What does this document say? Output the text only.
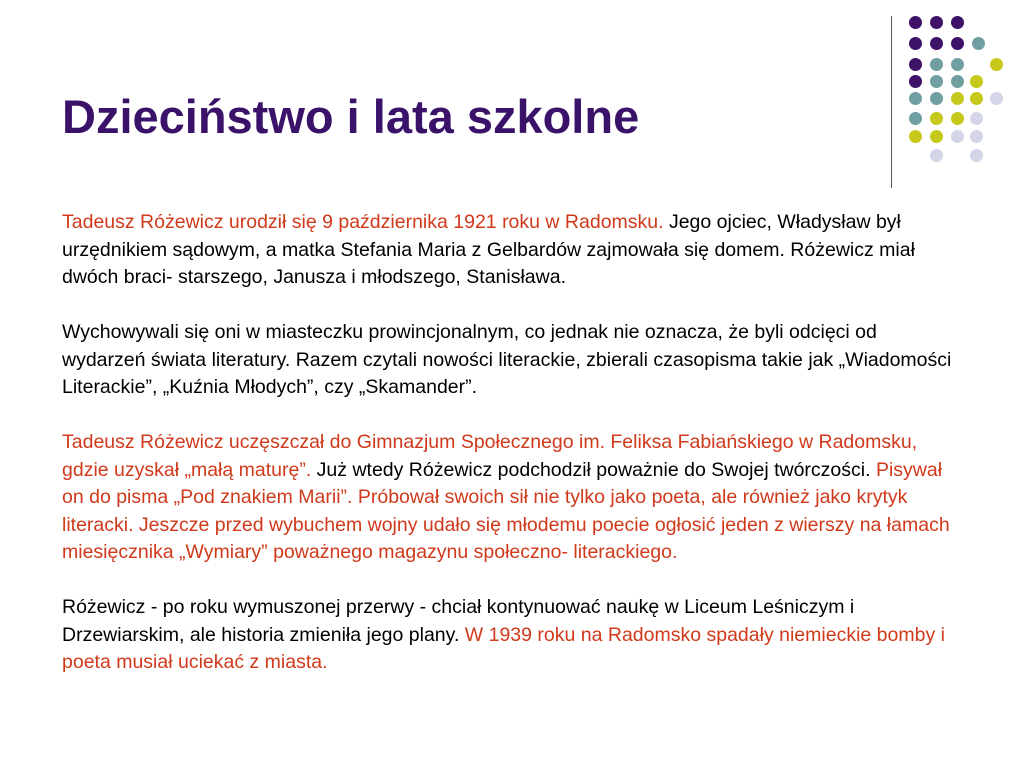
Dzieciństwo i lata szkolne

Tadeusz Różewicz urodził się 9 października 1921 roku w Radomsku. Jego ojciec, Władysław był urzędnikiem sądowym, a matka Stefania Maria z Gelbardów zajmowała się domem. Różewicz miał dwóch braci- starszego, Janusza i młodszego, Stanisława.

Wychowywali się oni w miasteczku prowincjonalnym, co jednak nie oznacza, że byli odcięci od wydarzeń świata literatury. Razem czytali nowości literackie, zbierali czasopisma takie jak „Wiadomości Literackie”, „Kuźnia Młodych”, czy „Skamander”.

Tadeusz Różewicz uczęszczał do Gimnazjum Społecznego im. Feliksa Fabiańskiego w Radomsku, gdzie uzyskał „małą maturę”. Już wtedy Różewicz podchodził poważnie do Swojej twórczości. Pisywał on do pisma „Pod znakiem Marii”. Próbował swoich sił nie tylko jako poeta, ale również jako krytyk literacki. Jeszcze przed wybuchem wojny udało się młodemu poecie ogłosić jeden z wierszy na łamach miesięcznika „Wymiary” poważnego magazynu społeczno- literackiego.

Różewicz - po roku wymuszonej przerwy - chciał kontynuować naukę w Liceum Leśniczym i Drzewiarskim, ale historia zmieniła jego plany. W 1939 roku na Radomsko spadały niemieckie bomby i poeta musiał uciekać z miasta.
